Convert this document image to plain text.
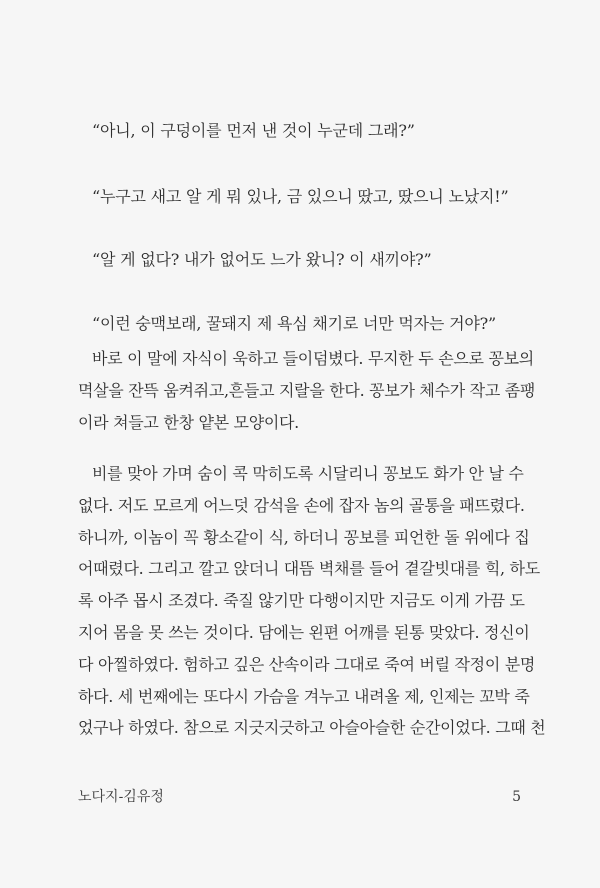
“아니, 이 구덩이를 먼저 낸 것이 누군데 그래?”
“누구고 새고 알 게 뭐 있나, 금 있으니 땄고, 땄으니 노났지!”
“알 게 없다? 내가 없어도 느가 왔니? 이 새끼야?”
“이런 숭맥보래, 꿀돼지 제 욕심 채기로 너만 먹자는 거야?”
바로 이 말에 자식이 욱하고 들이덤볐다. 무지한 두 손으로 꽁보의
멱살을 잔뜩 움켜쥐고,흔들고 지랄을 한다. 꽁보가 체수가 작고 좀팽
이라 쳐들고 한창 얕본 모양이다.
비를 맞아 가며 숨이 콕 막히도록 시달리니 꽁보도 화가 안 날 수
없다. 저도 모르게 어느덧 감석을 손에 잡자 놈의 골통을 패뜨렸다.
하니까, 이놈이 꼭 황소같이 식, 하더니 꽁보를 피언한 돌 위에다 집
어때렸다. 그리고 깔고 앉더니 대뜸 벽채를 들어 곁갈빗대를 힉, 하도
록 아주 몹시 조겼다. 죽질 않기만 다행이지만 지금도 이게 가끔 도
지어 몸을 못 쓰는 것이다. 담에는 왼편 어깨를 된통 맞았다. 정신이
다 아찔하였다. 험하고 깊은 산속이라 그대로 죽여 버릴 작정이 분명
하다. 세 번째에는 또다시 가슴을 겨누고 내려올 제, 인제는 꼬박 죽
었구나 하였다. 참으로 지긋지긋하고 아슬아슬한 순간이었다. 그때 천
노다지-김유정	5
